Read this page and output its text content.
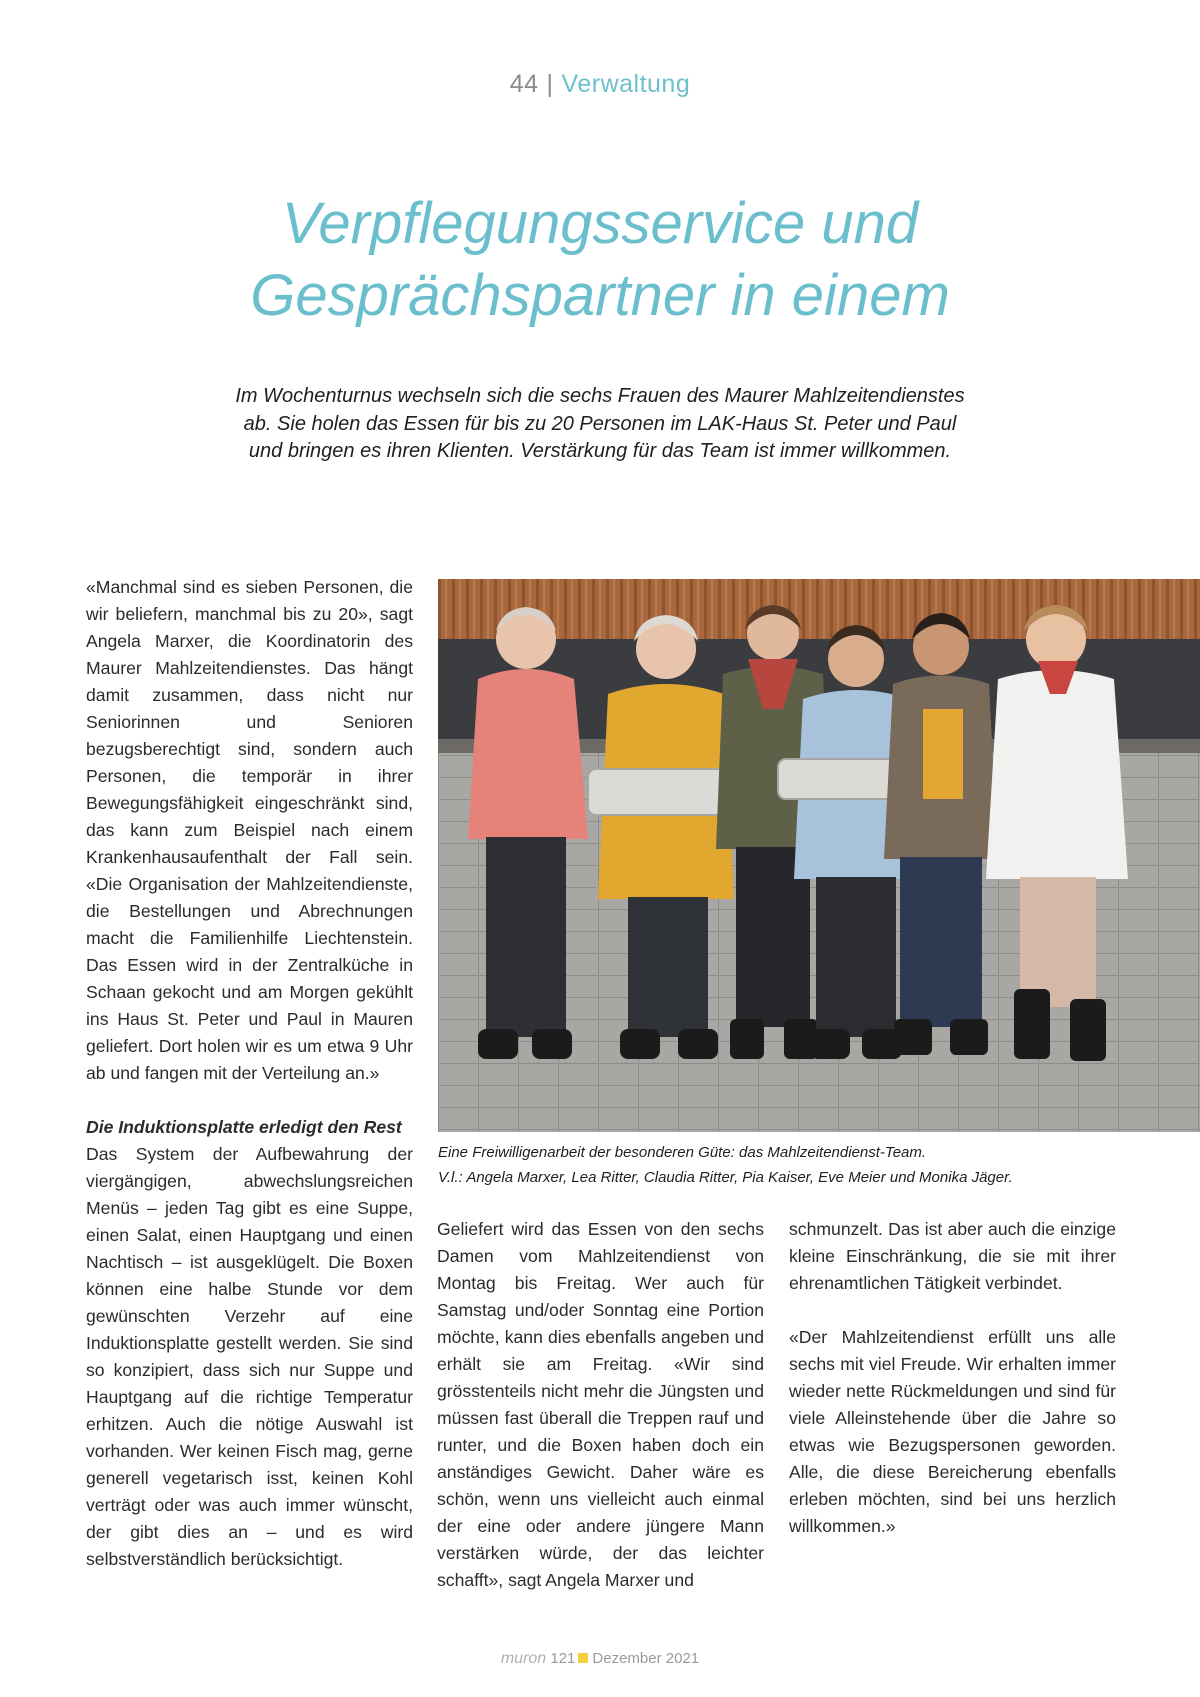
44 | Verwaltung
Verpflegungsservice und
Gesprächspartner in einem

Im Wochenturnus wechseln sich die sechs Frauen des Maurer Mahlzeitendienstes ab. Sie holen das Essen für bis zu 20 Personen im LAK-Haus St. Peter und Paul und bringen es ihren Klienten. Verstärkung für das Team ist immer willkommen.

«Manchmal sind es sieben Personen, die wir beliefern, manchmal bis zu 20», sagt Angela Marxer, die Koordinatorin des Maurer Mahlzeitendienstes. Das hängt damit zusammen, dass nicht nur Seniorinnen und Senioren bezugsberechtigt sind, sondern auch Personen, die temporär in ihrer Bewegungsfähigkeit eingeschränkt sind, das kann zum Beispiel nach einem Krankenhausaufenthalt der Fall sein. «Die Organisation der Mahlzeitendienste, die Bestellungen und Abrechnungen macht die Familienhilfe Liechtenstein. Das Essen wird in der Zentralküche in Schaan gekocht und am Morgen gekühlt ins Haus St. Peter und Paul in Mauren geliefert. Dort holen wir es um etwa 9 Uhr ab und fangen mit der Verteilung an.»

Die Induktionsplatte erledigt den Rest

Das System der Aufbewahrung der viergängigen, abwechslungsreichen Menüs – jeden Tag gibt es eine Suppe, einen Salat, einen Hauptgang und einen Nachtisch – ist ausgeklügelt. Die Boxen können eine halbe Stunde vor dem gewünschten Verzehr auf eine Induktionsplatte gestellt werden. Sie sind so konzipiert, dass sich nur Suppe und Hauptgang auf die richtige Temperatur erhitzen. Auch die nötige Auswahl ist vorhanden. Wer keinen Fisch mag, gerne generell vegetarisch isst, keinen Kohl verträgt oder was auch immer wünscht, der gibt dies an – und es wird selbstverständlich berücksichtigt.

Eine Freiwilligenarbeit der besonderen Güte: das Mahlzeitendienst-Team.
V.l.: Angela Marxer, Lea Ritter, Claudia Ritter, Pia Kaiser, Eve Meier und Monika Jäger.

Geliefert wird das Essen von den sechs Damen vom Mahlzeitendienst von Montag bis Freitag. Wer auch für Samstag und/oder Sonntag eine Portion möchte, kann dies ebenfalls angeben und erhält sie am Freitag. «Wir sind grösstenteils nicht mehr die Jüngsten und müssen fast überall die Treppen rauf und runter, und die Boxen haben doch ein anständiges Gewicht. Daher wäre es schön, wenn uns vielleicht auch einmal der eine oder andere jüngere Mann verstärken würde, der das leichter schafft», sagt Angela Marxer und

schmunzelt. Das ist aber auch die einzige kleine Einschränkung, die sie mit ihrer ehrenamtlichen Tätigkeit verbindet.

«Der Mahlzeitendienst erfüllt uns alle sechs mit viel Freude. Wir erhalten immer wieder nette Rückmeldungen und sind für viele Alleinstehende über die Jahre so etwas wie Bezugspersonen geworden. Alle, die diese Bereicherung ebenfalls erleben möchten, sind bei uns herzlich willkommen.»

muron 121 Dezember 2021
